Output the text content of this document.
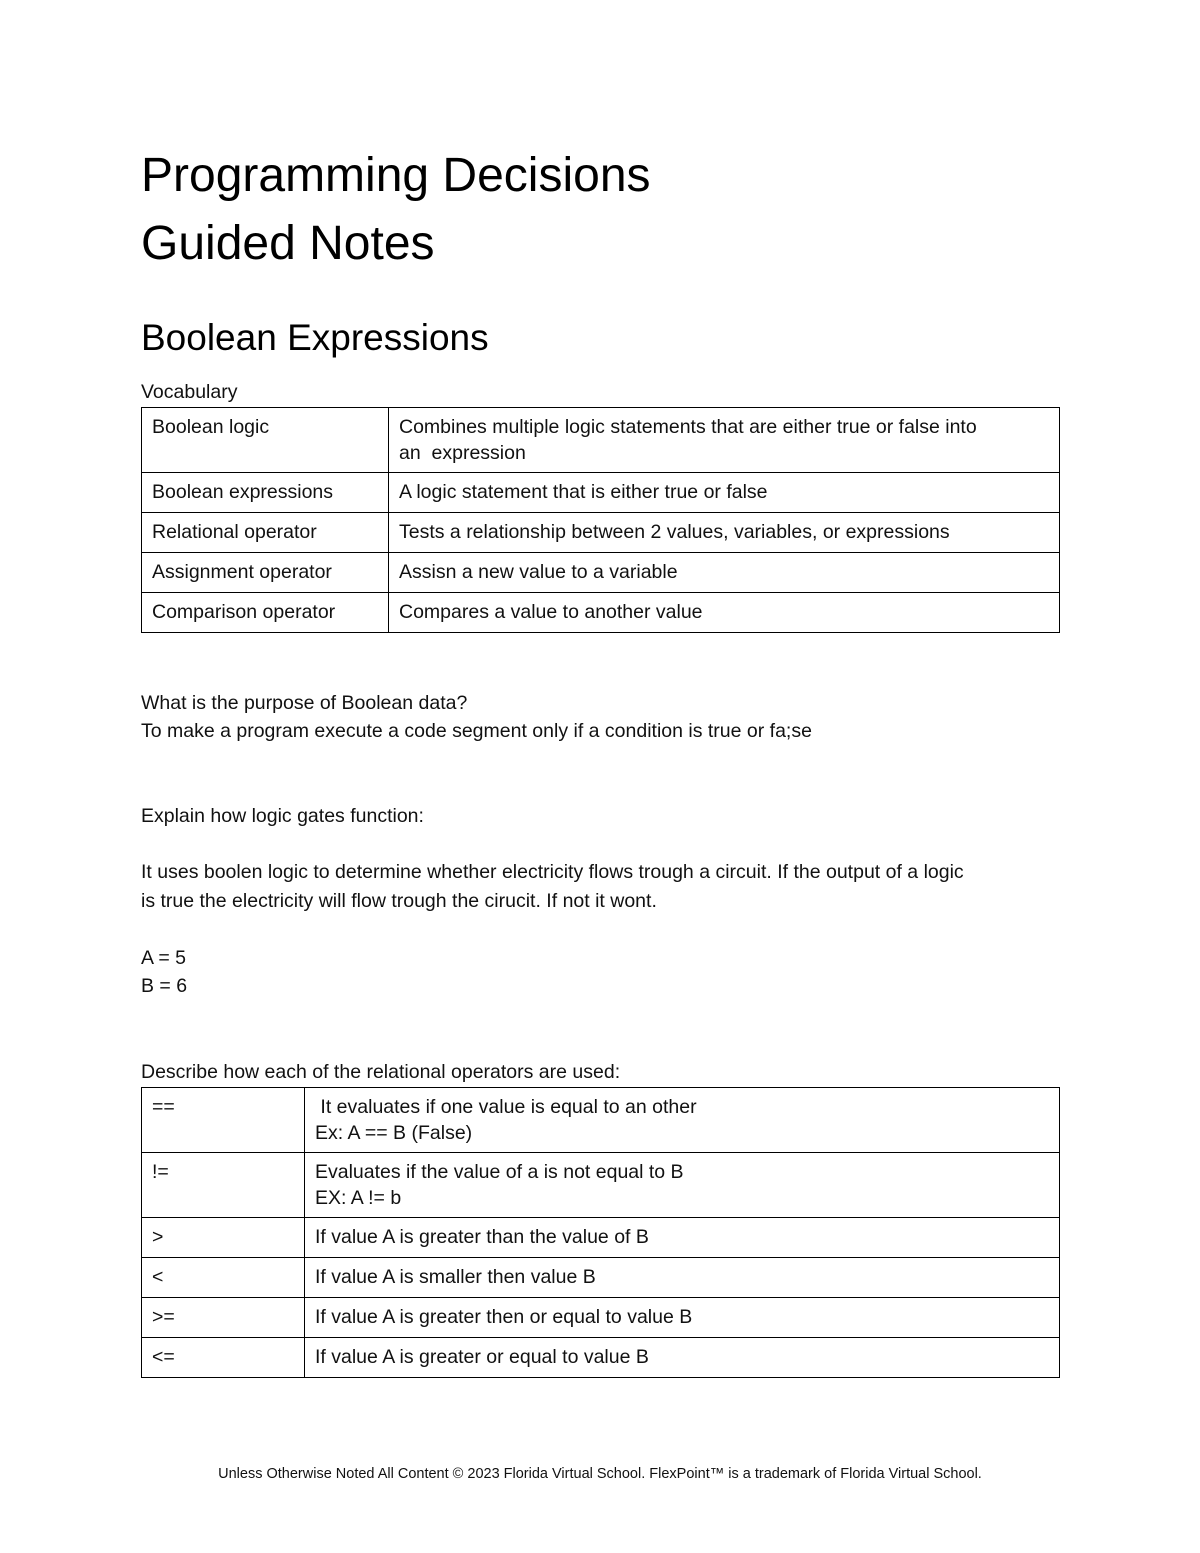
Programming Decisions
Guided Notes
Boolean Expressions

Vocabulary

Boolean logic	Combines multiple logic statements that are either true or false into
an  expression

Boolean expressions	A logic statement that is either true or false
Relational operator	Tests a relationship between 2 values, variables, or expressions
Assignment operator	Assisn a new value to a variable
Comparison operator	Compares a value to another value

What is the purpose of Boolean data?

To make a program execute a code segment only if a condition is true or fa;se

Explain how logic gates function:

It uses boolen logic to determine whether electricity flows trough a circuit. If the output of a logic

is true the electricity will flow trough the cirucit. If not it wont.

A = 5

B = 6

Describe how each of the relational operators are used:

==	It evaluates if one value is equal to an other
Ex: A == B (False)

!=	Evaluates if the value of a is not equal to B
EX: A != b

>	If value A is greater than the value of B
<	If value A is smaller then value B
>=	If value A is greater then or equal to value B
<=	If value A is greater or equal to value B

Unless Otherwise Noted All Content © 2023 Florida Virtual School. FlexPoint™ is a trademark of Florida Virtual School.
